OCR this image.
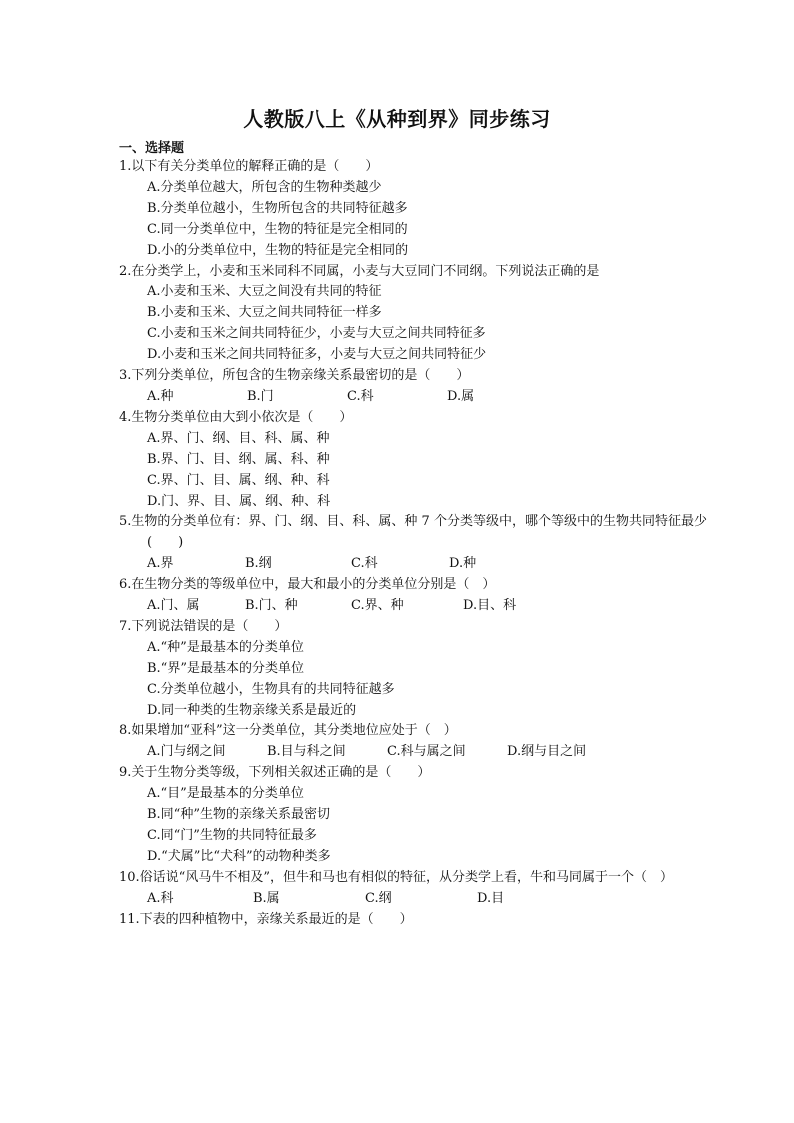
人教版八上《从种到界》同步练习
一、选择题

1.以下有关分类单位的解释正确的是（　　）

A.分类单位越大，所包含的生物种类越少

B.分类单位越小，生物所包含的共同特征越多

C.同一分类单位中，生物的特征是完全相同的

D.小的分类单位中，生物的特征是完全相同的

2.在分类学上，小麦和玉米同科不同属，小麦与大豆同门不同纲。下列说法正确的是

A.小麦和玉米、大豆之间没有共同的特征

B.小麦和玉米、大豆之间共同特征一样多

C.小麦和玉米之间共同特征少，小麦与大豆之间共同特征多

D.小麦和玉米之间共同特征多，小麦与大豆之间共同特征少

3.下列分类单位，所包含的生物亲缘关系最密切的是（　　）

A.种	B.门	C.科	D.属

4.生物分类单位由大到小依次是（　　）

A.界、门、纲、目、科、属、种

B.界、门、目、纲、属、科、种

C.界、门、目、属、纲、种、科

D.门、界、目、属、纲、种、科

5.生物的分类单位有：界、门、纲、目、科、属、种 7 个分类等级中，哪个等级中的生物共同特征最少(　　)

A.界	B.纲	C.科	D.种

6.在生物分类的等级单位中，最大和最小的分类单位分别是（　）

A.门、属	B.门、种	C.界、种	D.目、科

7.下列说法错误的是（　　）

A.“种”是最基本的分类单位

B.“界”是最基本的分类单位

C.分类单位越小，生物具有的共同特征越多

D.同一种类的生物亲缘关系是最近的

8.如果增加“亚科”这一分类单位，其分类地位应处于（　）

A.门与纲之间	B.目与科之间	C.科与属之间	D.纲与目之间

9.关于生物分类等级，下列相关叙述正确的是（　　）

A.“目”是最基本的分类单位

B.同“种”生物的亲缘关系最密切

C.同“门”生物的共同特征最多

D.“犬属”比“犬科”的动物种类多

10.俗话说“风马牛不相及”，但牛和马也有相似的特征，从分类学上看，牛和马同属于一个（　）

A.科	B.属	C.纲	D.目

11.下表的四种植物中，亲缘关系最近的是（　　）
